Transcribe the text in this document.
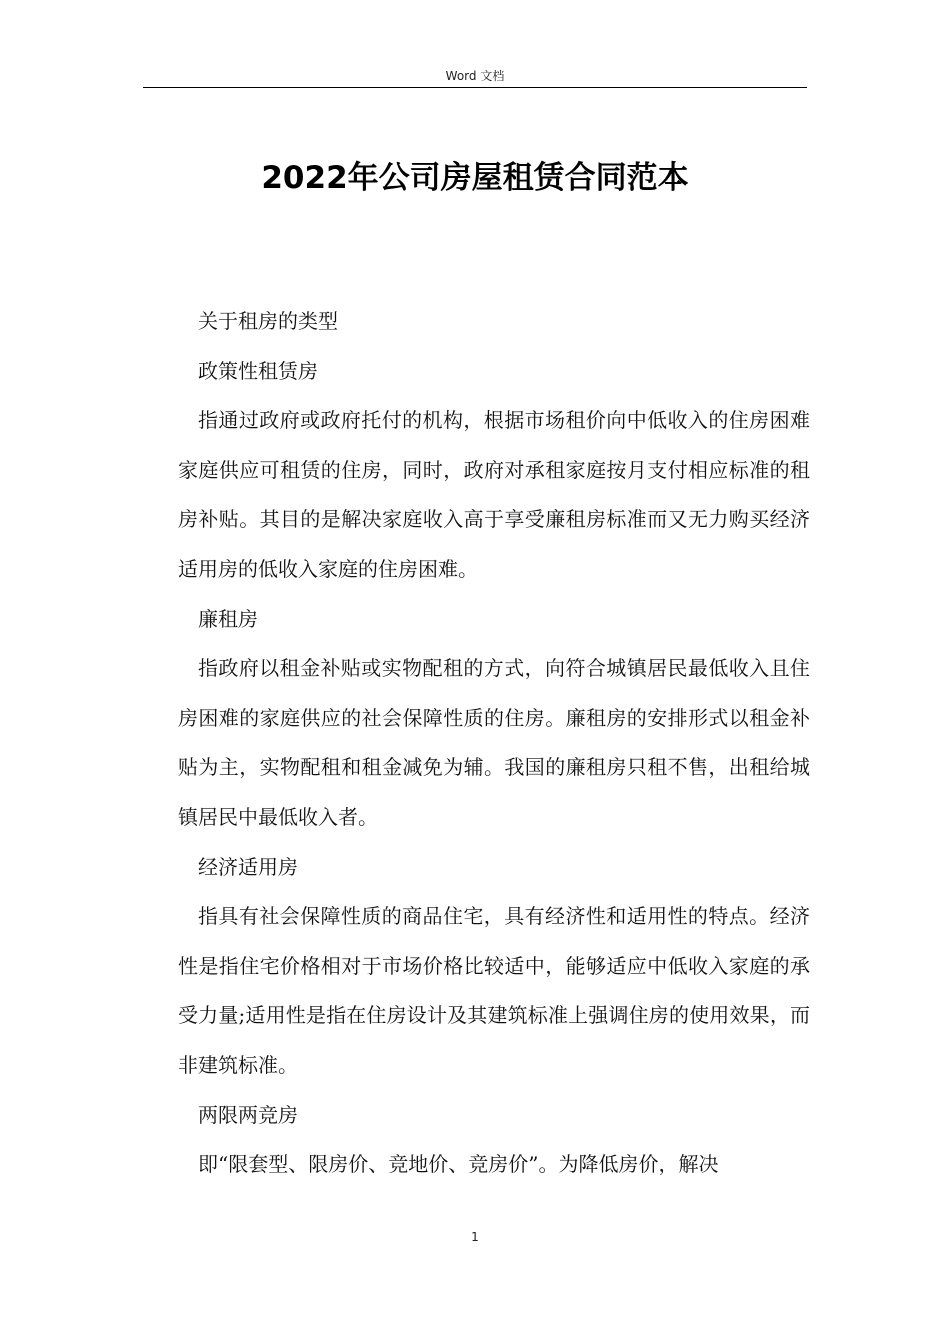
Word 文档
2022年公司房屋租赁合同范本

关于租房的类型

政策性租赁房

指通过政府或政府托付的机构，根据市场租价向中低收入的住房困难家庭供应可租赁的住房，同时，政府对承租家庭按月支付相应标准的租房补贴。其目的是解决家庭收入高于享受廉租房标准而又无力购买经济适用房的低收入家庭的住房困难。

廉租房

指政府以租金补贴或实物配租的方式，向符合城镇居民最低收入且住房困难的家庭供应的社会保障性质的住房。廉租房的安排形式以租金补贴为主，实物配租和租金减免为辅。我国的廉租房只租不售，出租给城镇居民中最低收入者。

经济适用房

指具有社会保障性质的商品住宅，具有经济性和适用性的特点。经济性是指住宅价格相对于市场价格比较适中，能够适应中低收入家庭的承受力量;适用性是指在住房设计及其建筑标准上强调住房的使用效果，而非建筑标准。

两限两竞房

即“限套型、限房价、竞地价、竞房价”。为降低房价，解决

1
